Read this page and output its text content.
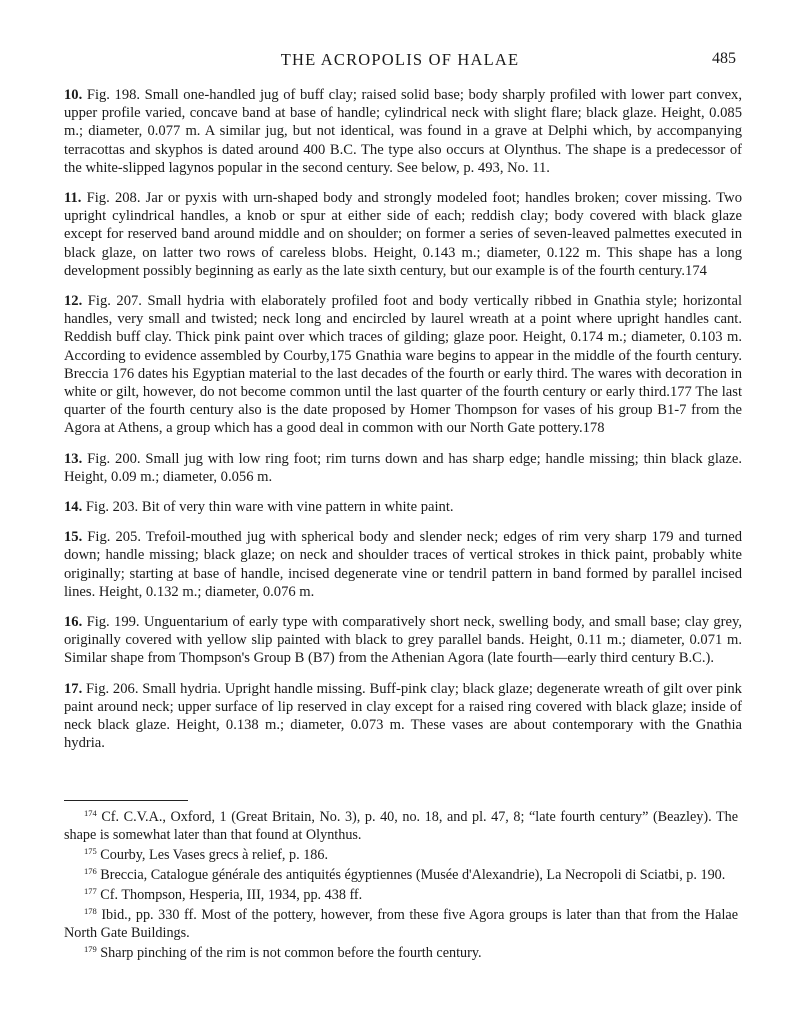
THE ACROPOLIS OF HALAE	485

10. Fig. 198. Small one-handled jug of buff clay; raised solid base; body sharply profiled with lower part convex, upper profile varied, concave band at base of handle; cylindrical neck with slight flare; black glaze. Height, 0.085 m.; diameter, 0.077 m. A similar jug, but not identical, was found in a grave at Delphi which, by accompanying terracottas and skyphos is dated around 400 B.C. The type also occurs at Olynthus. The shape is a predecessor of the white-slipped lagynos popular in the second century. See below, p. 493, No. 11.

11. Fig. 208. Jar or pyxis with urn-shaped body and strongly modeled foot; handles broken; cover missing. Two upright cylindrical handles, a knob or spur at either side of each; reddish clay; body covered with black glaze except for reserved band around middle and on shoulder; on former a series of seven-leaved palmettes executed in black glaze, on latter two rows of careless blobs. Height, 0.143 m.; diameter, 0.122 m. This shape has a long development possibly beginning as early as the late sixth century, but our example is of the fourth century.174

12. Fig. 207. Small hydria with elaborately profiled foot and body vertically ribbed in Gnathia style; horizontal handles, very small and twisted; neck long and encircled by laurel wreath at a point where upright handles cant. Reddish buff clay. Thick pink paint over which traces of gilding; glaze poor. Height, 0.174 m.; diameter, 0.103 m. According to evidence assembled by Courby,175 Gnathia ware begins to appear in the middle of the fourth century. Breccia 176 dates his Egyptian material to the last decades of the fourth or early third. The wares with decoration in white or gilt, however, do not become common until the last quarter of the fourth century or early third.177 The last quarter of the fourth century also is the date proposed by Homer Thompson for vases of his group B1-7 from the Agora at Athens, a group which has a good deal in common with our North Gate pottery.178

13. Fig. 200. Small jug with low ring foot; rim turns down and has sharp edge; handle missing; thin black glaze. Height, 0.09 m.; diameter, 0.056 m.

14. Fig. 203. Bit of very thin ware with vine pattern in white paint.

15. Fig. 205. Trefoil-mouthed jug with spherical body and slender neck; edges of rim very sharp 179 and turned down; handle missing; black glaze; on neck and shoulder traces of vertical strokes in thick paint, probably white originally; starting at base of handle, incised degenerate vine or tendril pattern in band formed by parallel incised lines. Height, 0.132 m.; diameter, 0.076 m.

16. Fig. 199. Unguentarium of early type with comparatively short neck, swelling body, and small base; clay grey, originally covered with yellow slip painted with black to grey parallel bands. Height, 0.11 m.; diameter, 0.071 m. Similar shape from Thompson's Group B (B7) from the Athenian Agora (late fourth—early third century B.C.).

17. Fig. 206. Small hydria. Upright handle missing. Buff-pink clay; black glaze; degenerate wreath of gilt over pink paint around neck; upper surface of lip reserved in clay except for a raised ring covered with black glaze; inside of neck black glaze. Height, 0.138 m.; diameter, 0.073 m. These vases are about contemporary with the Gnathia hydria.

$^{174}$ Cf. C.V.A., Oxford, 1 (Great Britain, No. 3), p. 40, no. 18, and pl. 47, 8; “late fourth century” (Beazley). The shape is somewhat later than that found at Olynthus.

$^{175}$ Courby, Les Vases grecs à relief, p. 186.

$^{176}$ Breccia, Catalogue générale des antiquités égyptiennes (Musée d'Alexandrie), La Necropoli di Sciatbi, p. 190.

$^{177}$ Cf. Thompson, Hesperia, III, 1934, pp. 438 ff.

$^{178}$ Ibid., pp. 330 ff. Most of the pottery, however, from these five Agora groups is later than that from the Halae North Gate Buildings.

$^{179}$ Sharp pinching of the rim is not common before the fourth century.
